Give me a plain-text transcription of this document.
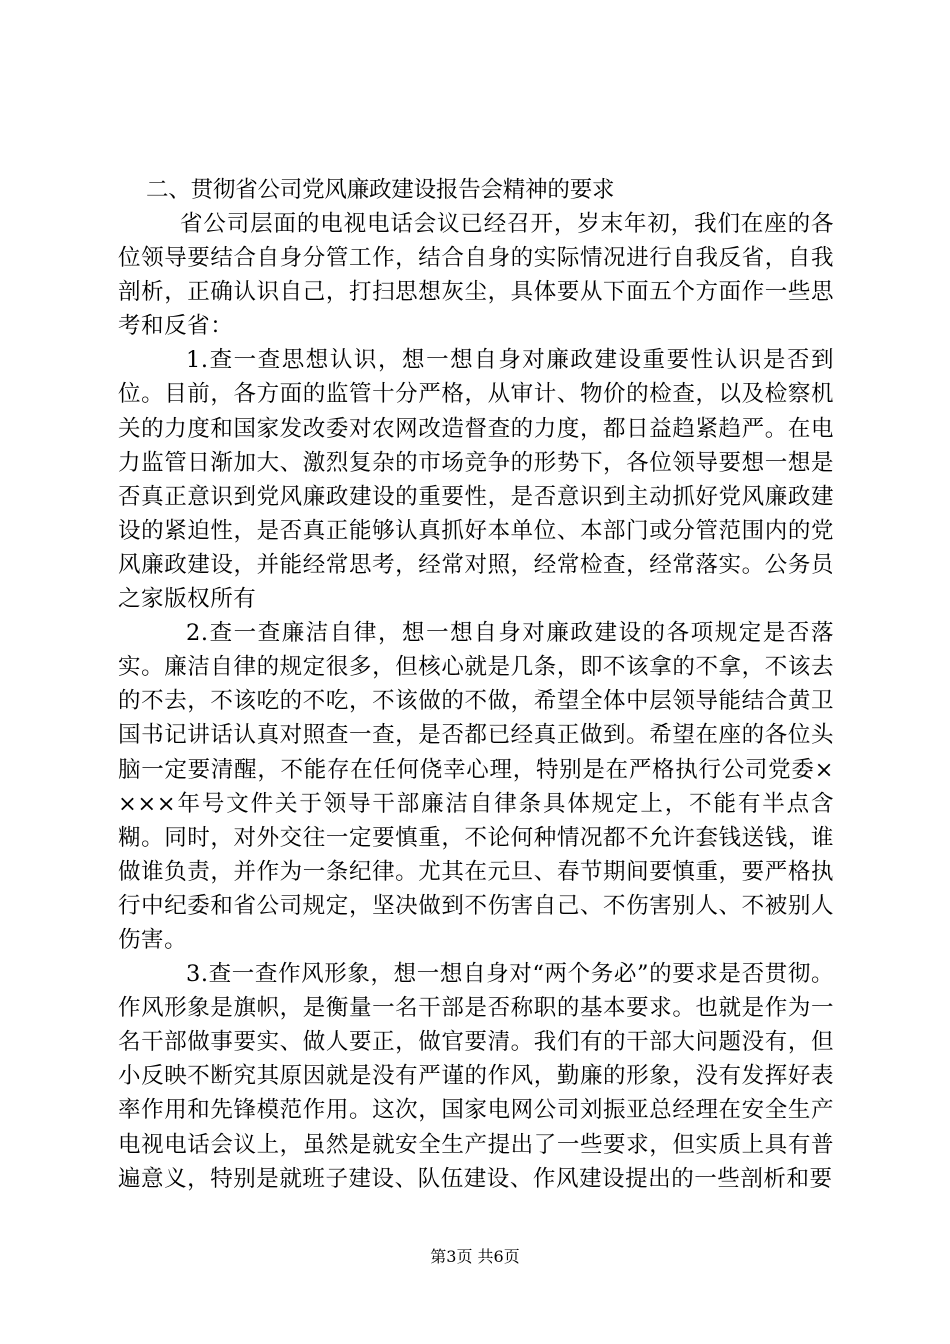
二、贯彻省公司党风廉政建设报告会精神的要求

省公司层面的电视电话会议已经召开，岁末年初，我们在座的各位领导要结合自身分管工作，结合自身的实际情况进行自我反省，自我剖析，正确认识自己，打扫思想灰尘，具体要从下面五个方面作一些思考和反省：

1.查一查思想认识，想一想自身对廉政建设重要性认识是否到位。目前，各方面的监管十分严格，从审计、物价的检查，以及检察机关的力度和国家发改委对农网改造督查的力度，都日益趋紧趋严。在电力监管日渐加大、激烈复杂的市场竞争的形势下，各位领导要想一想是否真正意识到党风廉政建设的重要性，是否意识到主动抓好党风廉政建设的紧迫性，是否真正能够认真抓好本单位、本部门或分管范围内的党风廉政建设，并能经常思考，经常对照，经常检查，经常落实。公务员之家版权所有

2.查一查廉洁自律，想一想自身对廉政建设的各项规定是否落实。廉洁自律的规定很多，但核心就是几条，即不该拿的不拿，不该去的不去，不该吃的不吃，不该做的不做，希望全体中层领导能结合黄卫国书记讲话认真对照查一查，是否都已经真正做到。希望在座的各位头脑一定要清醒，不能存在任何侥幸心理，特别是在严格执行公司党委××××年号文件关于领导干部廉洁自律条具体规定上，不能有半点含糊。同时，对外交往一定要慎重，不论何种情况都不允许套钱送钱，谁做谁负责，并作为一条纪律。尤其在元旦、春节期间要慎重，要严格执行中纪委和省公司规定，坚决做到不伤害自己、不伤害别人、不被别人伤害。

3.查一查作风形象，想一想自身对“两个务必”的要求是否贯彻。作风形象是旗帜，是衡量一名干部是否称职的基本要求。也就是作为一名干部做事要实、做人要正，做官要清。我们有的干部大问题没有，但小反映不断究其原因就是没有严谨的作风，勤廉的形象，没有发挥好表率作用和先锋模范作用。这次，国家电网公司刘振亚总经理在安全生产电视电话会议上，虽然是就安全生产提出了一些要求，但实质上具有普遍意义，特别是就班子建设、队伍建设、作风建设提出的一些剖析和要

第3页 共6页
